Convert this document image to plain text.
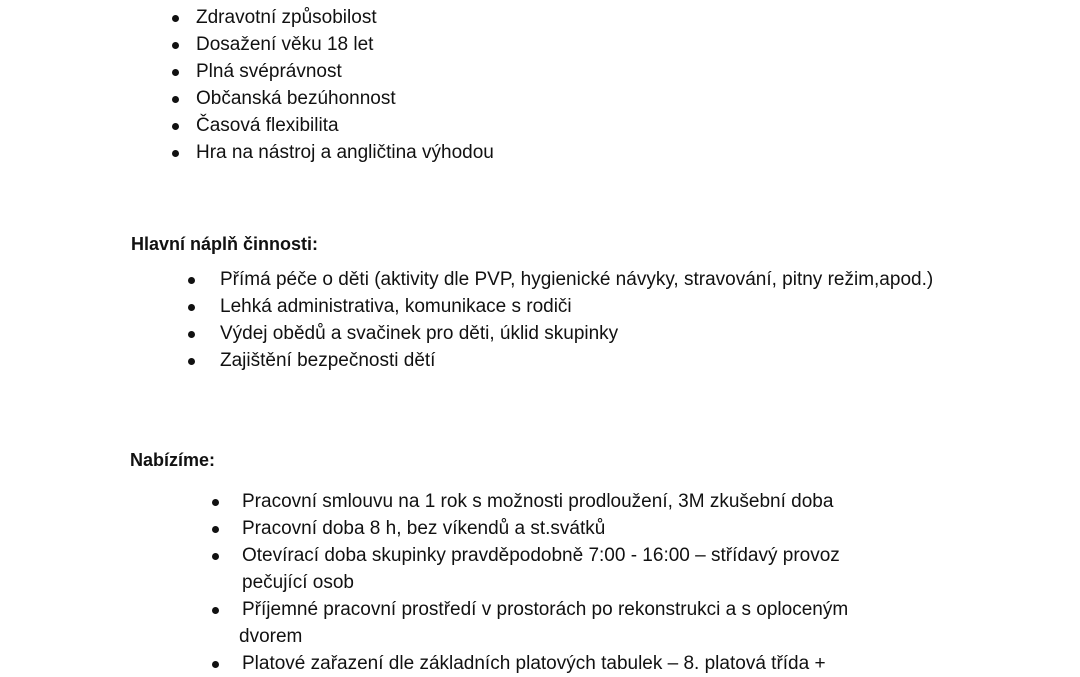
Zdravotní způsobilost
Dosažení věku 18 let
Plná svéprávnost
Občanská bezúhonnost
Časová flexibilita
Hra na nástroj a angličtina výhodou
Hlavní náplň činnosti:
Přímá péče o děti (aktivity dle PVP, hygienické návyky, stravování, pitny režim,apod.)
Lehká administrativa, komunikace s rodiči
Výdej obědů a svačinek pro děti, úklid skupinky
Zajištění bezpečnosti dětí
Nabízíme:
Pracovní smlouvu na 1 rok s možnosti prodloužení, 3M zkušební doba
Pracovní doba 8 h, bez víkendů a st.svátků
Otevírací doba skupinky pravděpodobně 7:00 - 16:00 – střídavý provoz
pečující osob
Příjemné pracovní prostředí v prostorách po rekonstrukci a s oploceným
dvorem
Platové zařazení dle základních platových tabulek – 8. platová třída +
